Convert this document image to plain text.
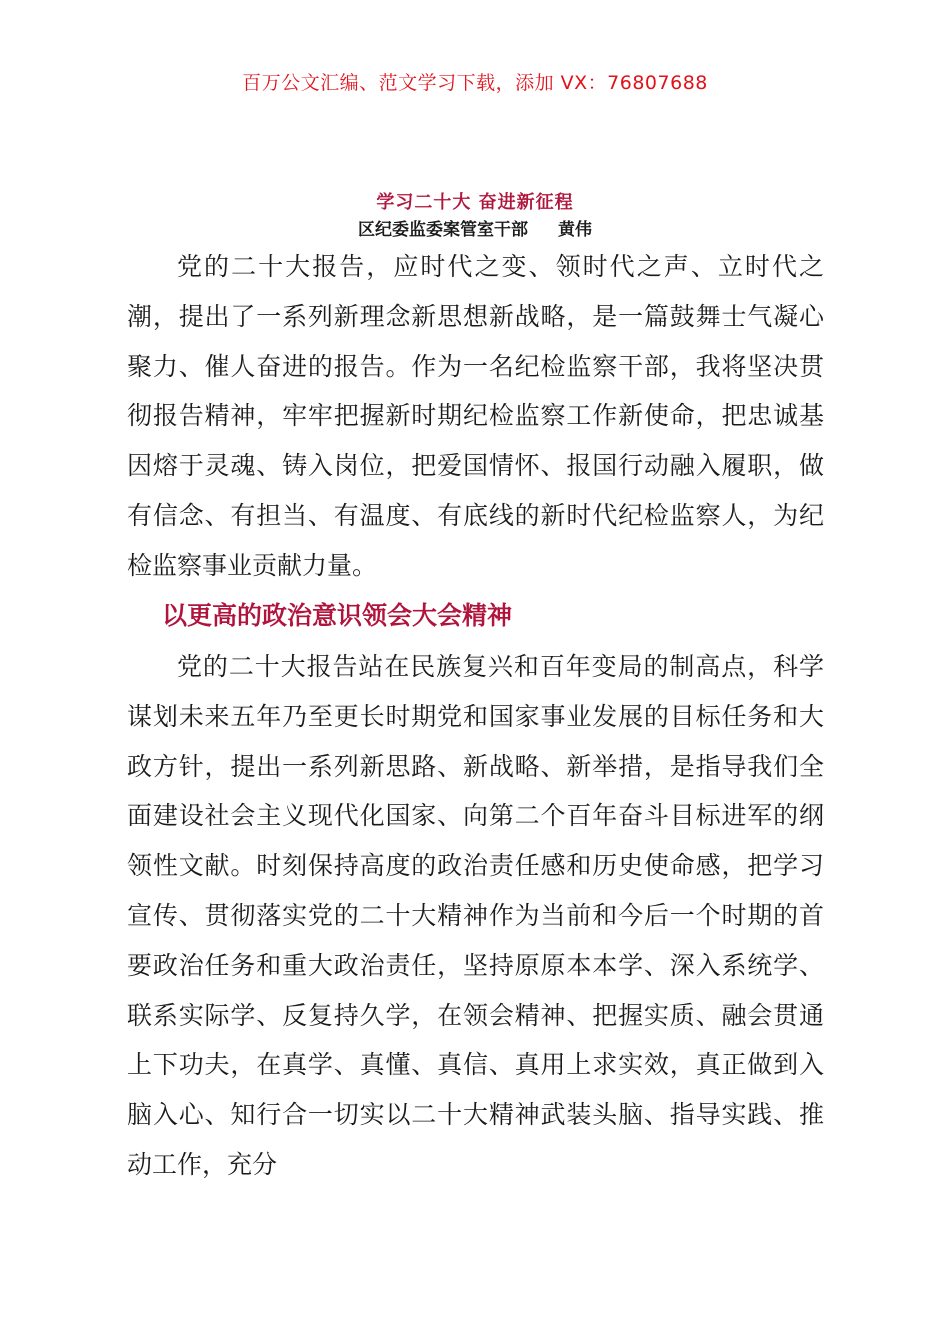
百万公文汇编、范文学习下载，添加 VX：76807688
学习二十大 奋进新征程
区纪委监委案管室干部 黄伟

党的二十大报告，应时代之变、领时代之声、立时代之潮，提出了一系列新理念新思想新战略，是一篇鼓舞士气凝心聚力、催人奋进的报告。作为一名纪检监察干部，我将坚决贯彻报告精神，牢牢把握新时期纪检监察工作新使命，把忠诚基因熔于灵魂、铸入岗位，把爱国情怀、报国行动融入履职，做有信念、有担当、有温度、有底线的新时代纪检监察人，为纪检监察事业贡献力量。

以更高的政治意识领会大会精神

党的二十大报告站在民族复兴和百年变局的制高点，科学谋划未来五年乃至更长时期党和国家事业发展的目标任务和大政方针，提出一系列新思路、新战略、新举措，是指导我们全面建设社会主义现代化国家、向第二个百年奋斗目标进军的纲领性文献。时刻保持高度的政治责任感和历史使命感，把学习宣传、贯彻落实党的二十大精神作为当前和今后一个时期的首要政治任务和重大政治责任，坚持原原本本学、深入系统学、联系实际学、反复持久学，在领会精神、把握实质、融会贯通上下功夫，在真学、真懂、真信、真用上求实效，真正做到入脑入心、知行合一切实以二十大精神武装头脑、指导实践、推动工作，充分
